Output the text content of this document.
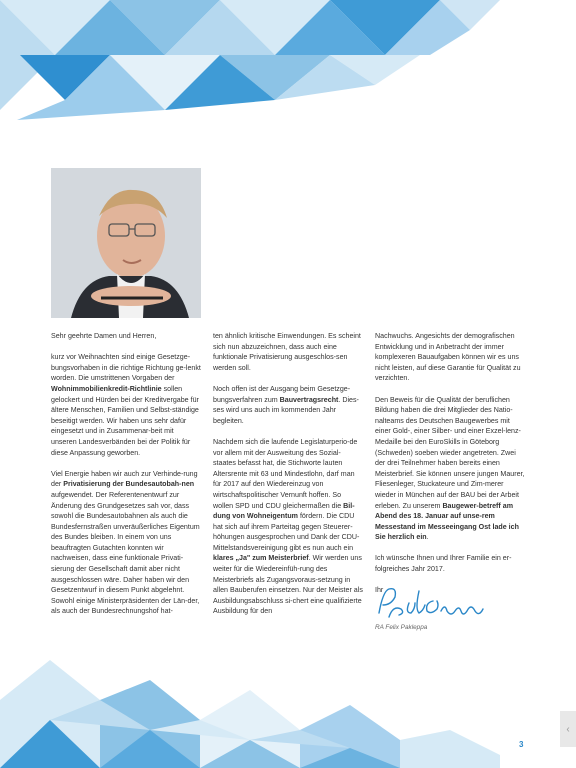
Sehr geehrte Damen und Herren,

kurz vor Weihnachten sind einige Gesetzge-bungsvorhaben in die richtige Richtung ge-lenkt worden. Die umstrittenen Vorgaben der Wohnimmobilienkredit-Richtlinie sollen gelockert und Hürden bei der Kreditvergabe für ältere Menschen, Familien und Selbst-ständige beseitigt werden. Wir haben uns sehr dafür eingesetzt und in Zusammenar-beit mit unseren Landesverbänden bei der Politik für diese Anpassung geworben.

Viel Energie haben wir auch zur Verhinde-rung der Privatisierung der Bundesautobah-nen aufgewendet. Der Referentenentwurf zur Änderung des Grundgesetzes sah vor, dass sowohl die Bundesautobahnen als auch die Bundesfernstraßen unveräußerliches Eigentum des Bundes bleiben. In einem von uns beauftragten Gutachten konnten wir nachweisen, dass eine funktionale Privati-sierung der Gesellschaft damit aber nicht ausgeschlossen wäre. Daher haben wir den Gesetzentwurf in diesem Punkt abgelehnt. Sowohl einige Ministerpräsidenten der Län-der, als auch der Bundesrechnungshof hat-

ten ähnlich kritische Einwendungen. Es scheint sich nun abzuzeichnen, dass auch eine funktionale Privatisierung ausgeschlos-sen werden soll.

Noch offen ist der Ausgang beim Gesetzge-bungsverfahren zum Bauvertragsrecht. Dies-ses wird uns auch im kommenden Jahr begleiten.

Nachdem sich die laufende Legislaturperio-de vor allem mit der Ausweitung des Sozial-staates befasst hat, die Stichworte lauten Altersrente mit 63 und Mindestlohn, darf man für 2017 auf den Wiedereinzug von wirtschaftspolitischer Vernunft hoffen. So wollen SPD und CDU gleichermaßen die Bil-dung von Wohneigentum fördern. Die CDU hat sich auf ihrem Parteitag gegen Steuerer-höhungen ausgesprochen und Dank der CDU-Mittelstandsvereinigung gibt es nun auch ein klares „Ja" zum Meisterbrief. Wir werden uns weiter für die Wiedereinfüh-rung des Meisterbriefs als Zugangsvoraus-setzung in allen Bauberufen einsetzen. Nur der Meister als Ausbildungsabschluss si-chert eine qualifizierte Ausbildung für den

Nachwuchs. Angesichts der demografischen Entwicklung und in Anbetracht der immer komplexeren Bauaufgaben können wir es uns nicht leisten, auf diese Garantie für Qualität zu verzichten.

Den Beweis für die Qualität der beruflichen Bildung haben die drei Mitglieder des Natio-nalteams des Deutschen Baugewerbes mit einer Gold-, einer Silber- und einer Exzel-lenz-Medaille bei den EuroSkills in Göteborg (Schweden) soeben wieder angetreten. Zwei der drei Teilnehmer haben bereits einen Meisterbrief. Sie können unsere jungen Maurer, Fliesenleger, Stuckateure und Zim-merer wieder in München auf der BAU bei der Arbeit erleben. Zu unserem Baugewer-betreff am Abend des 18. Januar auf unse-rem Messestand im Messeeingang Ost lade ich Sie herzlich ein.

Ich wünsche Ihnen und Ihrer Familie ein er-folgreiches Jahr 2017.

Ihr

RA Felix Pakleppa
3
‹
